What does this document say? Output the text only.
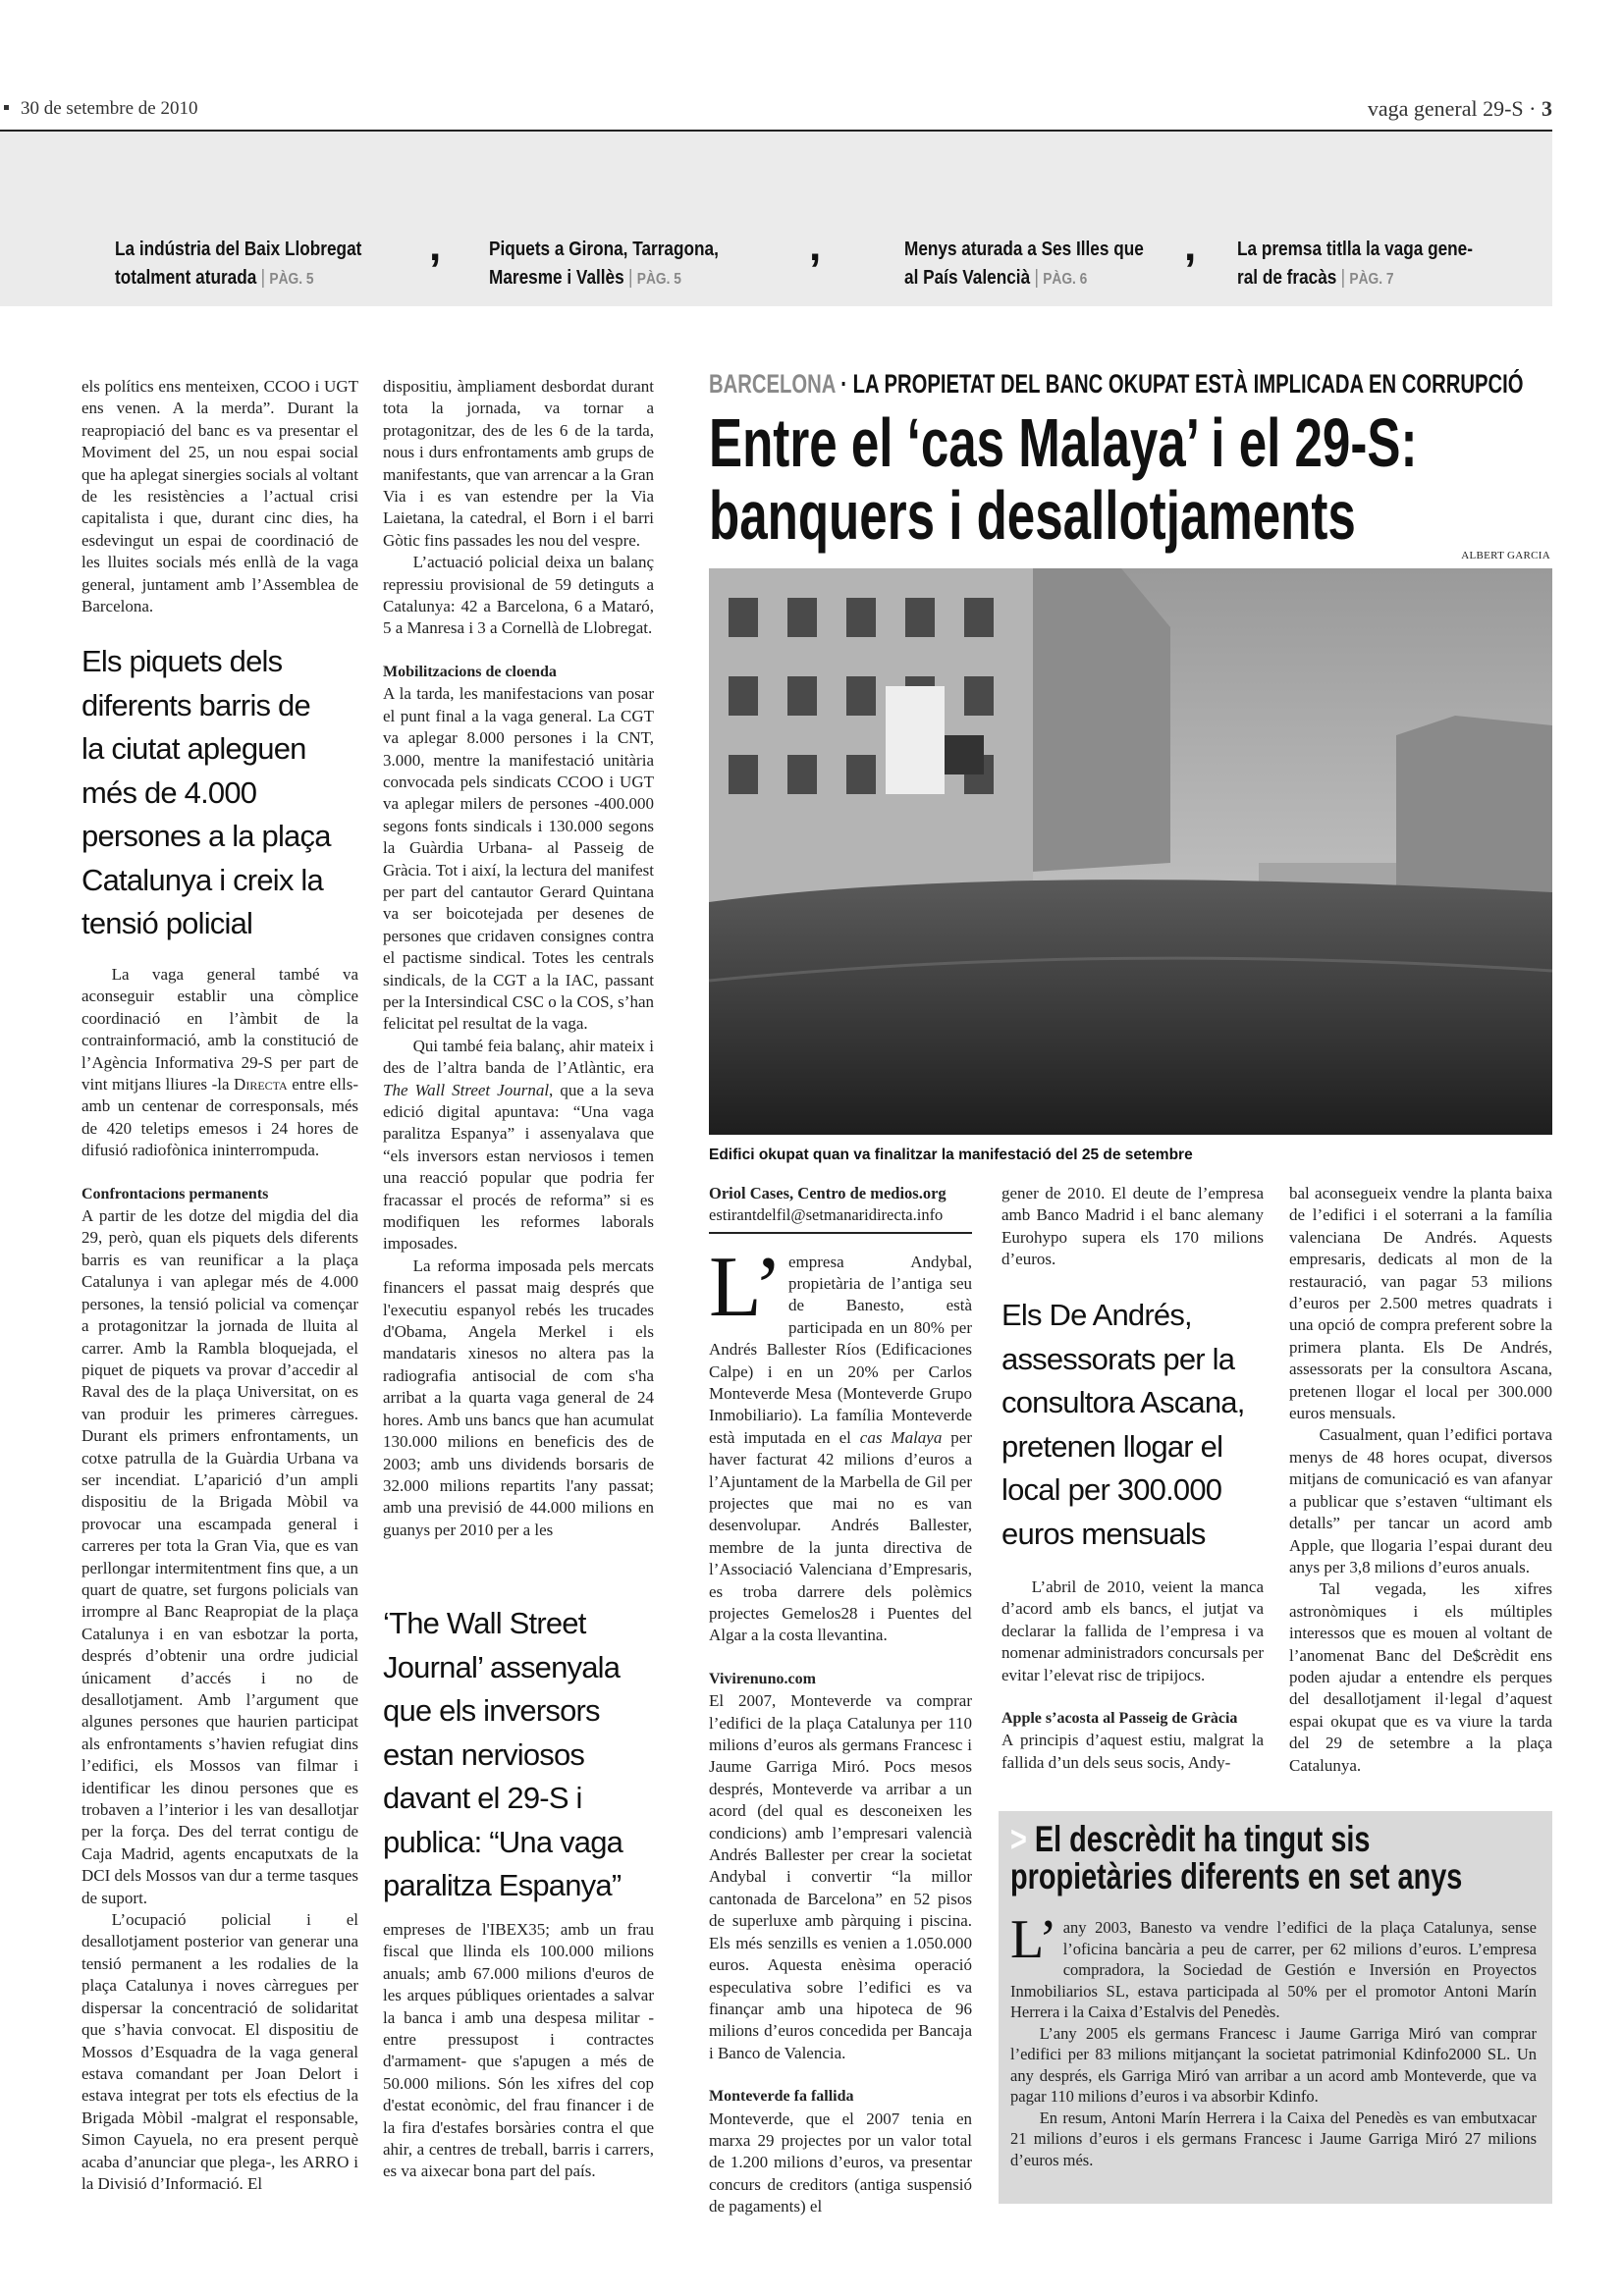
30 de setembre de 2010	vaga general 29-S · 3
La indústria del Baix Llobregat
totalment aturada | PÀG. 5
, Piquets a Girona, Tarragona,
Maresme i Vallès | PÀG. 5
,	Menys aturada a Ses Illes que
al País Valencià | PÀG. 6
, La premsa titlla la vaga gene-
ral de fracàs | PÀG. 7

els polítics ens menteixen, CCOO i UGT ens venen. A la merda”. Durant la reapropiació del banc es va presentar el Moviment del 25, un nou espai social que ha aplegat sinergies socials al voltant de les resistències a l’actual crisi capitalista i que, durant cinc dies, ha esdevingut un espai de coordinació de les lluites socials més enllà de la vaga general, juntament amb l’Assemblea de Barcelona.

Els piquets dels
diferents barris de
la ciutat apleguen
més de 4.000
persones a la plaça
Catalunya i creix la
tensió policial

La vaga general també va aconseguir establir una còmplice coordinació en l’àmbit de la contrainformació, amb la constitució de l’Agència Informativa 29-S per part de vint mitjans lliures -la Directa entre ells- amb un centenar de corresponsals, més de 420 teletips emesos i 24 hores de difusió radiofònica ininterrompuda.

Confrontacions permanents

A partir de les dotze del migdia del dia 29, però, quan els piquets dels diferents barris es van reunificar a la plaça Catalunya i van aplegar més de 4.000 persones, la tensió policial va començar a protagonitzar la jornada de lluita al carrer. Amb la Rambla bloquejada, el piquet de piquets va provar d’accedir al Raval des de la plaça Universitat, on es van produir les primeres càrregues. Durant els primers enfrontaments, un cotxe patrulla de la Guàrdia Urbana va ser incendiat. L’aparició d’un ampli dispositiu de la Brigada Mòbil va provocar una escampada general i carreres per tota la Gran Via, que es van perllongar intermitentment fins que, a un quart de quatre, set furgons policials van irrompre al Banc Reapropiat de la plaça Catalunya i en van esbotzar la porta, després d’obtenir una ordre judicial únicament d’accés i no de desallotjament. Amb l’argument que algunes persones que haurien participat als enfrontaments s’havien refugiat dins l’edifici, els Mossos van filmar i identificar les dinou persones que es trobaven a l’interior i les van desallotjar per la força. Des del terrat contigu de Caja Madrid, agents encaputxats de la DCI dels Mossos van dur a terme tasques de suport.

L’ocupació policial i el desallotjament posterior van generar una tensió permanent a les rodalies de la plaça Catalunya i noves càrregues per dispersar la concentració de solidaritat que s’havia convocat. El dispositiu de Mossos d’Esquadra de la vaga general estava comandant per Joan Delort i estava integrat per tots els efectius de la Brigada Mòbil -malgrat el responsable, Simon Cayuela, no era present perquè acaba d’anunciar que plega-, les ARRO i la Divisió d’Informació. El

dispositiu, àmpliament desbordat durant tota la jornada, va tornar a protagonitzar, des de les 6 de la tarda, nous i durs enfrontaments amb grups de manifestants, que van arrencar a la Gran Via i es van estendre per la Via Laietana, la catedral, el Born i el barri Gòtic fins passades les nou del vespre.

L’actuació policial deixa un balanç repressiu provisional de 59 detinguts a Catalunya: 42 a Barcelona, 6 a Mataró, 5 a Manresa i 3 a Cornellà de Llobregat.

Mobilitzacions de cloenda

A la tarda, les manifestacions van posar el punt final a la vaga general. La CGT va aplegar 8.000 persones i la CNT, 3.000, mentre la manifestació unitària convocada pels sindicats CCOO i UGT va aplegar milers de persones -400.000 segons fonts sindicals i 130.000 segons la Guàrdia Urbana- al Passeig de Gràcia. Tot i així, la lectura del manifest per part del cantautor Gerard Quintana va ser boicotejada per desenes de persones que cridaven consignes contra el pactisme sindical. Totes les centrals sindicals, de la CGT a la IAC, passant per la Intersindical CSC o la COS, s’han felicitat pel resultat de la vaga.

Qui també feia balanç, ahir mateix i des de l’altra banda de l’Atlàntic, era The Wall Street Journal, que a la seva edició digital apuntava: “Una vaga paralitza Espanya” i assenyalava que “els inversors estan nerviosos i temen una reacció popular que podria fer fracassar el procés de reforma” si es modifiquen les reformes laborals imposades.

La reforma imposada pels mercats financers el passat maig després que l'executiu espanyol rebés les trucades d'Obama, Angela Merkel i els mandataris xinesos no altera pas la radiografia antisocial de com s'ha arribat a la quarta vaga general de 24 hores. Amb uns bancs que han acumulat 130.000 milions en beneficis des de 2003; amb uns dividends borsaris de 32.000 milions repartits l'any passat; amb una previsió de 44.000 milions en guanys per 2010 per a les

‘The Wall Street
Journal’ assenyala
que els inversors
estan nerviosos
davant el 29-S i
publica: “Una vaga
paralitza Espanya”

empreses de l'IBEX35; amb un frau fiscal que llinda els 100.000 milions anuals; amb 67.000 milions d'euros de les arques públiques orientades a salvar la banca i amb una despesa militar -entre pressupost i contractes d'armament- que s'apugen a més de 50.000 milions. Són les xifres del cop d'estat econòmic, del frau financer i de la fira d'estafes borsàries contra el que ahir, a centres de treball, barris i carrers, es va aixecar bona part del país.

BARCELONA · LA PROPIETAT DEL BANC OKUPAT ESTÀ IMPLICADA EN CORRUPCIÓ
Entre el ‘cas Malaya’ i el 29-S:
banquers i desallotjaments
ALBERT GARCIA
Edifici okupat quan va finalitzar la manifestació del 25 de setembre
Oriol Cases, Centro de medios.org
estirantdelfil@setmanaridirecta.info

L’ empresa Andybal, propietària de l’antiga seu de Banesto, està participada en un 80% per Andrés Ballester Ríos (Edificaciones Calpe) i en un 20% per Carlos Monteverde Mesa (Monteverde Grupo Inmobiliario). La família Monteverde està imputada en el cas Malaya per haver facturat 42 milions d’euros a l’Ajuntament de la Marbella de Gil per projectes que mai no es van desenvolupar. Andrés Ballester, membre de la junta directiva de l’Associació Valenciana d’Empresaris, es troba darrere dels polèmics projectes Gemelos28 i Puentes del Algar a la costa llevantina.

Vivirenuno.com

El 2007, Monteverde va comprar l’edifici de la plaça Catalunya per 110 milions d’euros als germans Francesc i Jaume Garriga Miró. Pocs mesos després, Monteverde va arribar a un acord (del qual es desconeixen les condicions) amb l’empresari valencià Andrés Ballester per crear la societat Andybal i convertir “la millor cantonada de Barcelona” en 52 pisos de superluxe amb pàrquing i piscina. Els més senzills es venien a 1.050.000 euros. Aquesta enèsima operació especulativa sobre l’edifici es va finançar amb una hipoteca de 96 milions d’euros concedida per Bancaja i Banco de Valencia.

Monteverde fa fallida

Monteverde, que el 2007 tenia en marxa 29 projectes por un valor total de 1.200 milions d’euros, va presentar concurs de creditors (antiga suspensió de pagaments) el

gener de 2010. El deute de l’empresa amb Banco Madrid i el banc alemany Eurohypo supera els 170 milions d’euros.

Els De Andrés,
assessorats per la
consultora Ascana,
pretenen llogar el
local per 300.000
euros mensuals

L’abril de 2010, veient la manca d’acord amb els bancs, el jutjat va declarar la fallida de l’empresa i va nomenar administradors concursals per evitar l’elevat risc de tripijocs.

Apple s’acosta al Passeig de Gràcia

A principis d’aquest estiu, malgrat la fallida d’un dels seus socis, Andy-

bal aconsegueix vendre la planta baixa de l’edifici i el soterrani a la família valenciana De Andrés. Aquests empresaris, dedicats al mon de la restauració, van pagar 53 milions d’euros per 2.500 metres quadrats i una opció de compra preferent sobre la primera planta. Els De Andrés, assessorats per la consultora Ascana, pretenen llogar el local per 300.000 euros mensuals.

Casualment, quan l’edifici portava menys de 48 hores ocupat, diversos mitjans de comunicació es van afanyar a publicar que s’estaven “ultimant els detalls” per tancar un acord amb Apple, que llogaria l’espai durant deu anys per 3,8 milions d’euros anuals.

Tal vegada, les xifres astronòmiques i els múltiples interessos que es mouen al voltant de l’anomenat Banc del De$crèdit ens poden ajudar a entendre els perques del desallotjament il·legal d’aquest espai okupat que es va viure la tarda del 29 de setembre a la plaça Catalunya.

> El descrèdit ha tingut sis
propietàries diferents en set anys

L’ any 2003, Banesto va vendre l’edifici de la plaça Catalunya, sense l’oficina bancària a peu de carrer, per 62 milions d’euros. L’empresa compradora, la Sociedad de Gestión e Inversión en Proyectos Inmobiliarios SL, estava participada al 50% per el promotor Antoni Marín Herrera i la Caixa d’Estalvis del Penedès.

L’any 2005 els germans Francesc i Jaume Garriga Miró van comprar l’edifici per 83 milions mitjançant la societat patrimonial Kdinfo2000 SL. Un any després, els Garriga Miró van arribar a un acord amb Monteverde, que va pagar 110 milions d’euros i va absorbir Kdinfo.

En resum, Antoni Marín Herrera i la Caixa del Penedès es van embutxacar 21 milions d’euros i els germans Francesc i Jaume Garriga Miró 27 milions d’euros més.
